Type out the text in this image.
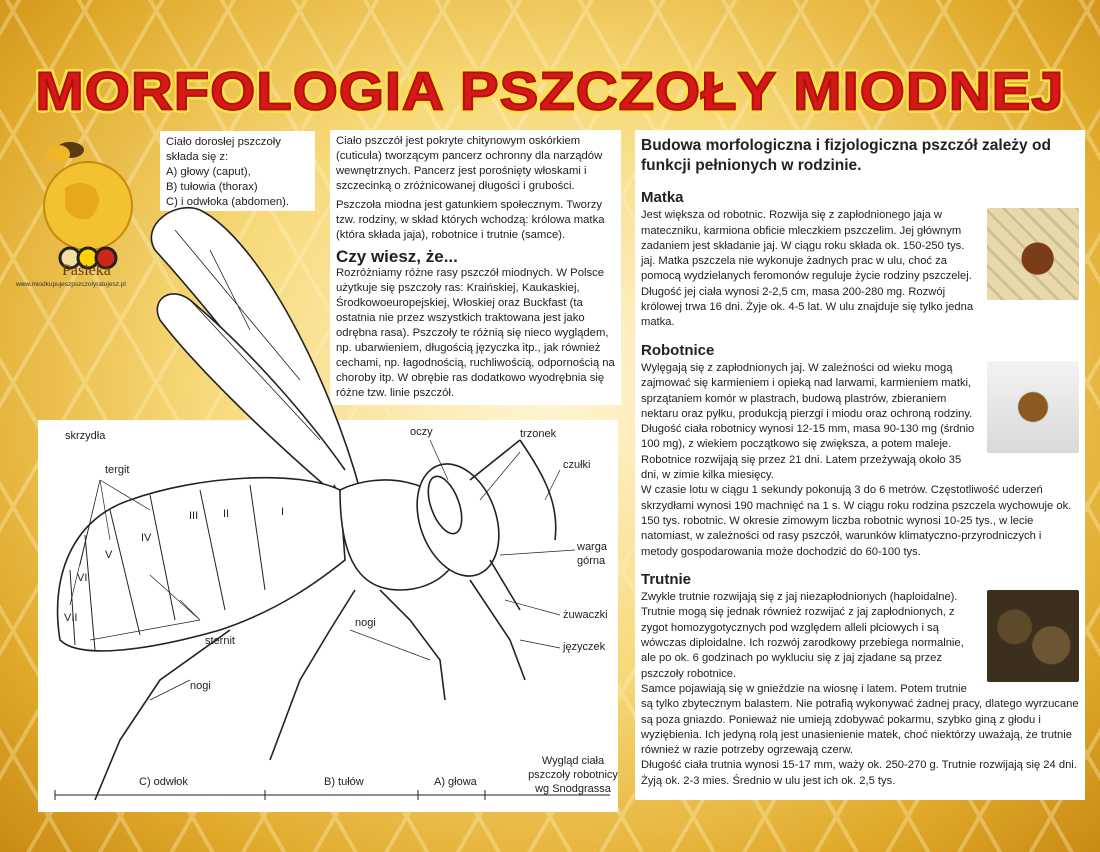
MORFOLOGIA PSZCZOŁY MIODNEJ
Pasieka
www.miodkupujeszpszczolyratujesz.pl
Ciało dorosłej pszczoły
składa się z:
A) głowy (caput),
B) tułowia (thorax)
C) i odwłoka (abdomen).

Ciało pszczół jest pokryte chitynowym oskórkiem (cuticula) tworzącym pancerz ochronny dla narządów wewnętrznych. Pancerz jest porośnięty włoskami i szczecinką o zróżnicowanej długości i grubości.

Pszczoła miodna jest gatunkiem społecznym. Tworzy tzw. rodziny, w skład których wchodzą: królowa matka (która składa jaja), robotnice i trutnie (samce).

Czy wiesz, że...

Rozróżniamy różne rasy pszczół miodnych. W Polsce użytkuje się pszczoły ras: Kraińskiej, Kaukaskiej, Środkowoeuropejskiej, Włoskiej oraz Buckfast (ta ostatnia nie przez wszystkich traktowana jest jako odrębna rasa). Pszczoły te różnią się nieco wyglądem, np. ubarwieniem, długością języczka itp., jak również cechami, np. łagodnością, ruchliwością, odpornością na choroby itp. W obrębie ras dodatkowo wyodrębnia się różne tzw. linie pszczół.

Budowa morfologiczna i fizjologiczna pszczół zależy od funkcji pełnionych w rodzinie.
Matka
Jest większa od robotnic. Rozwija się z zapłodnionego jaja w mateczniku, karmiona obficie mleczkiem pszczelim. Jej głównym zadaniem jest składanie jaj. W ciągu roku składa ok. 150-250 tys. jaj. Matka pszczela nie wykonuje żadnych prac w ulu, choć za pomocą wydzielanych feromonów reguluje życie rodziny pszczelej.
Długość jej ciała wynosi 2-2,5 cm, masa 200-280 mg. Rozwój królowej trwa 16 dni. Żyje ok. 4-5 lat. W ulu znajduje się tylko jedna matka.
Robotnice
Wylęgają się z zapłodnionych jaj. W zależności od wieku mogą zajmować się karmieniem i opieką nad larwami, karmieniem matki, sprzątaniem komór w plastrach, budową plastrów, zbieraniem nektaru oraz pyłku, produkcją pierzgi i miodu oraz ochroną rodziny.
Długość ciała robotnicy wynosi 12-15 mm, masa 90-130 mg (śrdnio 100 mg), z wiekiem początkowo się zwiększa, a potem maleje. Robotnice rozwijają się przez 21 dni. Latem przeżywają około 35 dni, w zimie kilka miesięcy.
W czasie lotu w ciągu 1 sekundy pokonują 3 do 6 metrów. Częstotliwość uderzeń skrzydłami wynosi 190 machnięć na 1 s. W ciągu roku rodzina pszczela wychowuje ok. 150 tys. robotnic. W okresie zimowym liczba robotnic wynosi 10-25 tys., w lecie natomiast, w zależności od rasy pszczół, warunków klimatyczno-przyrodniczych i metody gospodarowania może dochodzić do 60-100 tys.
Trutnie
Zwykle trutnie rozwijają się z jaj niezapłodnionych (haploidalne). Trutnie mogą się jednak również rozwijać z jaj zapłodnionych, z zygot homozygotycznych pod względem alleli płciowych i są wówczas diploidalne. Ich rozwój zarodkowy przebiega normalnie, ale po ok. 6 godzinach po wykluciu się z jaj zjadane są przez pszczoły robotnice.
Samce pojawiają się w gnieździe na wiosnę i latem. Potem trutnie są tylko zbytecznym balastem. Nie potrafią wykonywać żadnej pracy, dlatego wyrzucane są poza gniazdo. Ponieważ nie umieją zdobywać pokarmu, szybko giną z głodu i wyziębienia. Ich jedyną rolą jest unasienienie matek, choć niektórzy uważają, że trutnie również w razie potrzeby ogrzewają czerw.
Długość ciała trutnia wynosi 15-17 mm, waży ok. 250-270 g. Trutnie rozwijają się 24 dni. Żyją ok. 2-3 mies. Średnio w ulu jest ich ok. 2,5 tys.
skrzydła
tergit
I
II
III
IV
V
VI
VII
sternit
nogi
nogi
oczy	trzonek
czułki
warga górna
żuwaczki
języczek
C) odwłok	B) tułów	A) głowa
Wygląd ciała pszczoły robotnicy wg Snodgrassa
